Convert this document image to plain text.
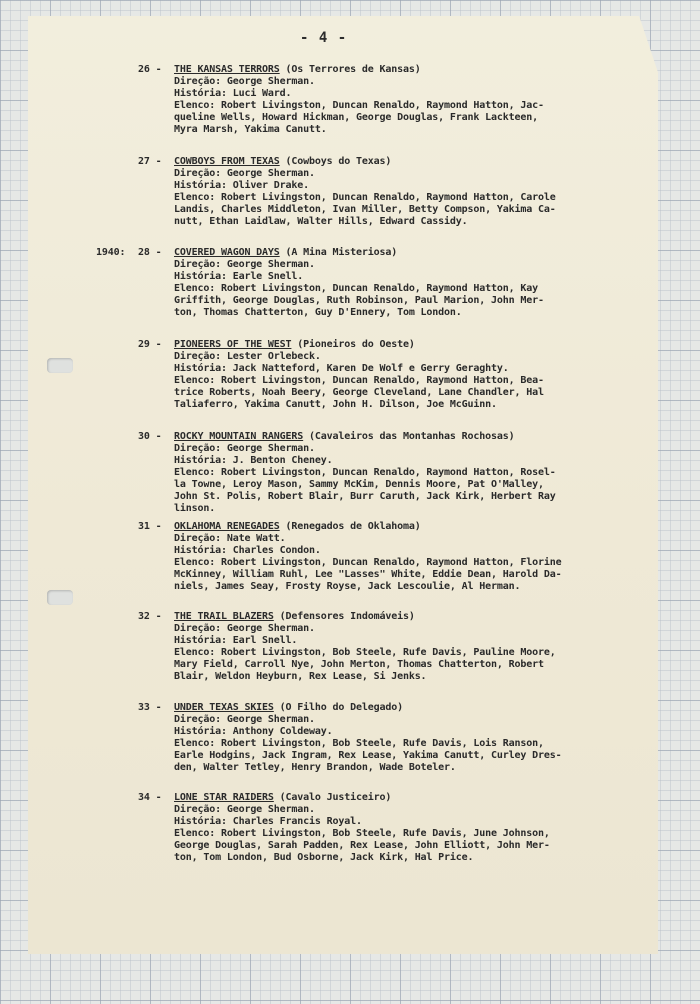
- 4 -
26 - THE KANSAS TERRORS (Os Terrores de Kansas)
Direção: George Sherman.
História: Luci Ward.
Elenco: Robert Livingston, Duncan Renaldo, Raymond Hatton, Jac-
queline Wells, Howard Hickman, George Douglas, Frank Lackteen,
Myra Marsh, Yakima Canutt.
27 - COWBOYS FROM TEXAS (Cowboys do Texas)
Direção: George Sherman.
História: Oliver Drake.
Elenco: Robert Livingston, Duncan Renaldo, Raymond Hatton, Carole
Landis, Charles Middleton, Ivan Miller, Betty Compson, Yakima Ca-
nutt, Ethan Laidlaw, Walter Hills, Edward Cassidy.
1940: 28 - COVERED WAGON DAYS (A Mina Misteriosa)
Direção: George Sherman.
História: Earle Snell.
Elenco: Robert Livingston, Duncan Renaldo, Raymond Hatton, Kay
Griffith, George Douglas, Ruth Robinson, Paul Marion, John Mer-
ton, Thomas Chatterton, Guy D'Ennery, Tom London.
29 - PIONEERS OF THE WEST (Pioneiros do Oeste)
Direção: Lester Orlebeck.
História: Jack Natteford, Karen De Wolf e Gerry Geraghty.
Elenco: Robert Livingston, Duncan Renaldo, Raymond Hatton, Bea-
trice Roberts, Noah Beery, George Cleveland, Lane Chandler, Hal
Taliaferro, Yakima Canutt, John H. Dilson, Joe McGuinn.
30 - ROCKY MOUNTAIN RANGERS (Cavaleiros das Montanhas Rochosas)
Direção: George Sherman.
História: J. Benton Cheney.
Elenco: Robert Livingston, Duncan Renaldo, Raymond Hatton, Rosel-
la Towne, Leroy Mason, Sammy McKim, Dennis Moore, Pat O'Malley,
John St. Polis, Robert Blair, Burr Caruth, Jack Kirk, Herbert Ray
linson.
31 - OKLAHOMA RENEGADES (Renegados de Oklahoma)
Direção: Nate Watt.
História: Charles Condon.
Elenco: Robert Livingston, Duncan Renaldo, Raymond Hatton, Florine
McKinney, William Ruhl, Lee "Lasses" White, Eddie Dean, Harold Da-
niels, James Seay, Frosty Royse, Jack Lescoulie, Al Herman.
32 - THE TRAIL BLAZERS (Defensores Indomáveis)
Direção: George Sherman.
História: Earl Snell.
Elenco: Robert Livingston, Bob Steele, Rufe Davis, Pauline Moore,
Mary Field, Carroll Nye, John Merton, Thomas Chatterton, Robert
Blair, Weldon Heyburn, Rex Lease, Si Jenks.
33 - UNDER TEXAS SKIES (O Filho do Delegado)
Direção: George Sherman.
História: Anthony Coldeway.
Elenco: Robert Livingston, Bob Steele, Rufe Davis, Lois Ranson,
Earle Hodgins, Jack Ingram, Rex Lease, Yakima Canutt, Curley Dres-
den, Walter Tetley, Henry Brandon, Wade Boteler.
34 - LONE STAR RAIDERS (Cavalo Justiceiro)
Direção: George Sherman.
História: Charles Francis Royal.
Elenco: Robert Livingston, Bob Steele, Rufe Davis, June Johnson,
George Douglas, Sarah Padden, Rex Lease, John Elliott, John Mer-
ton, Tom London, Bud Osborne, Jack Kirk, Hal Price.
